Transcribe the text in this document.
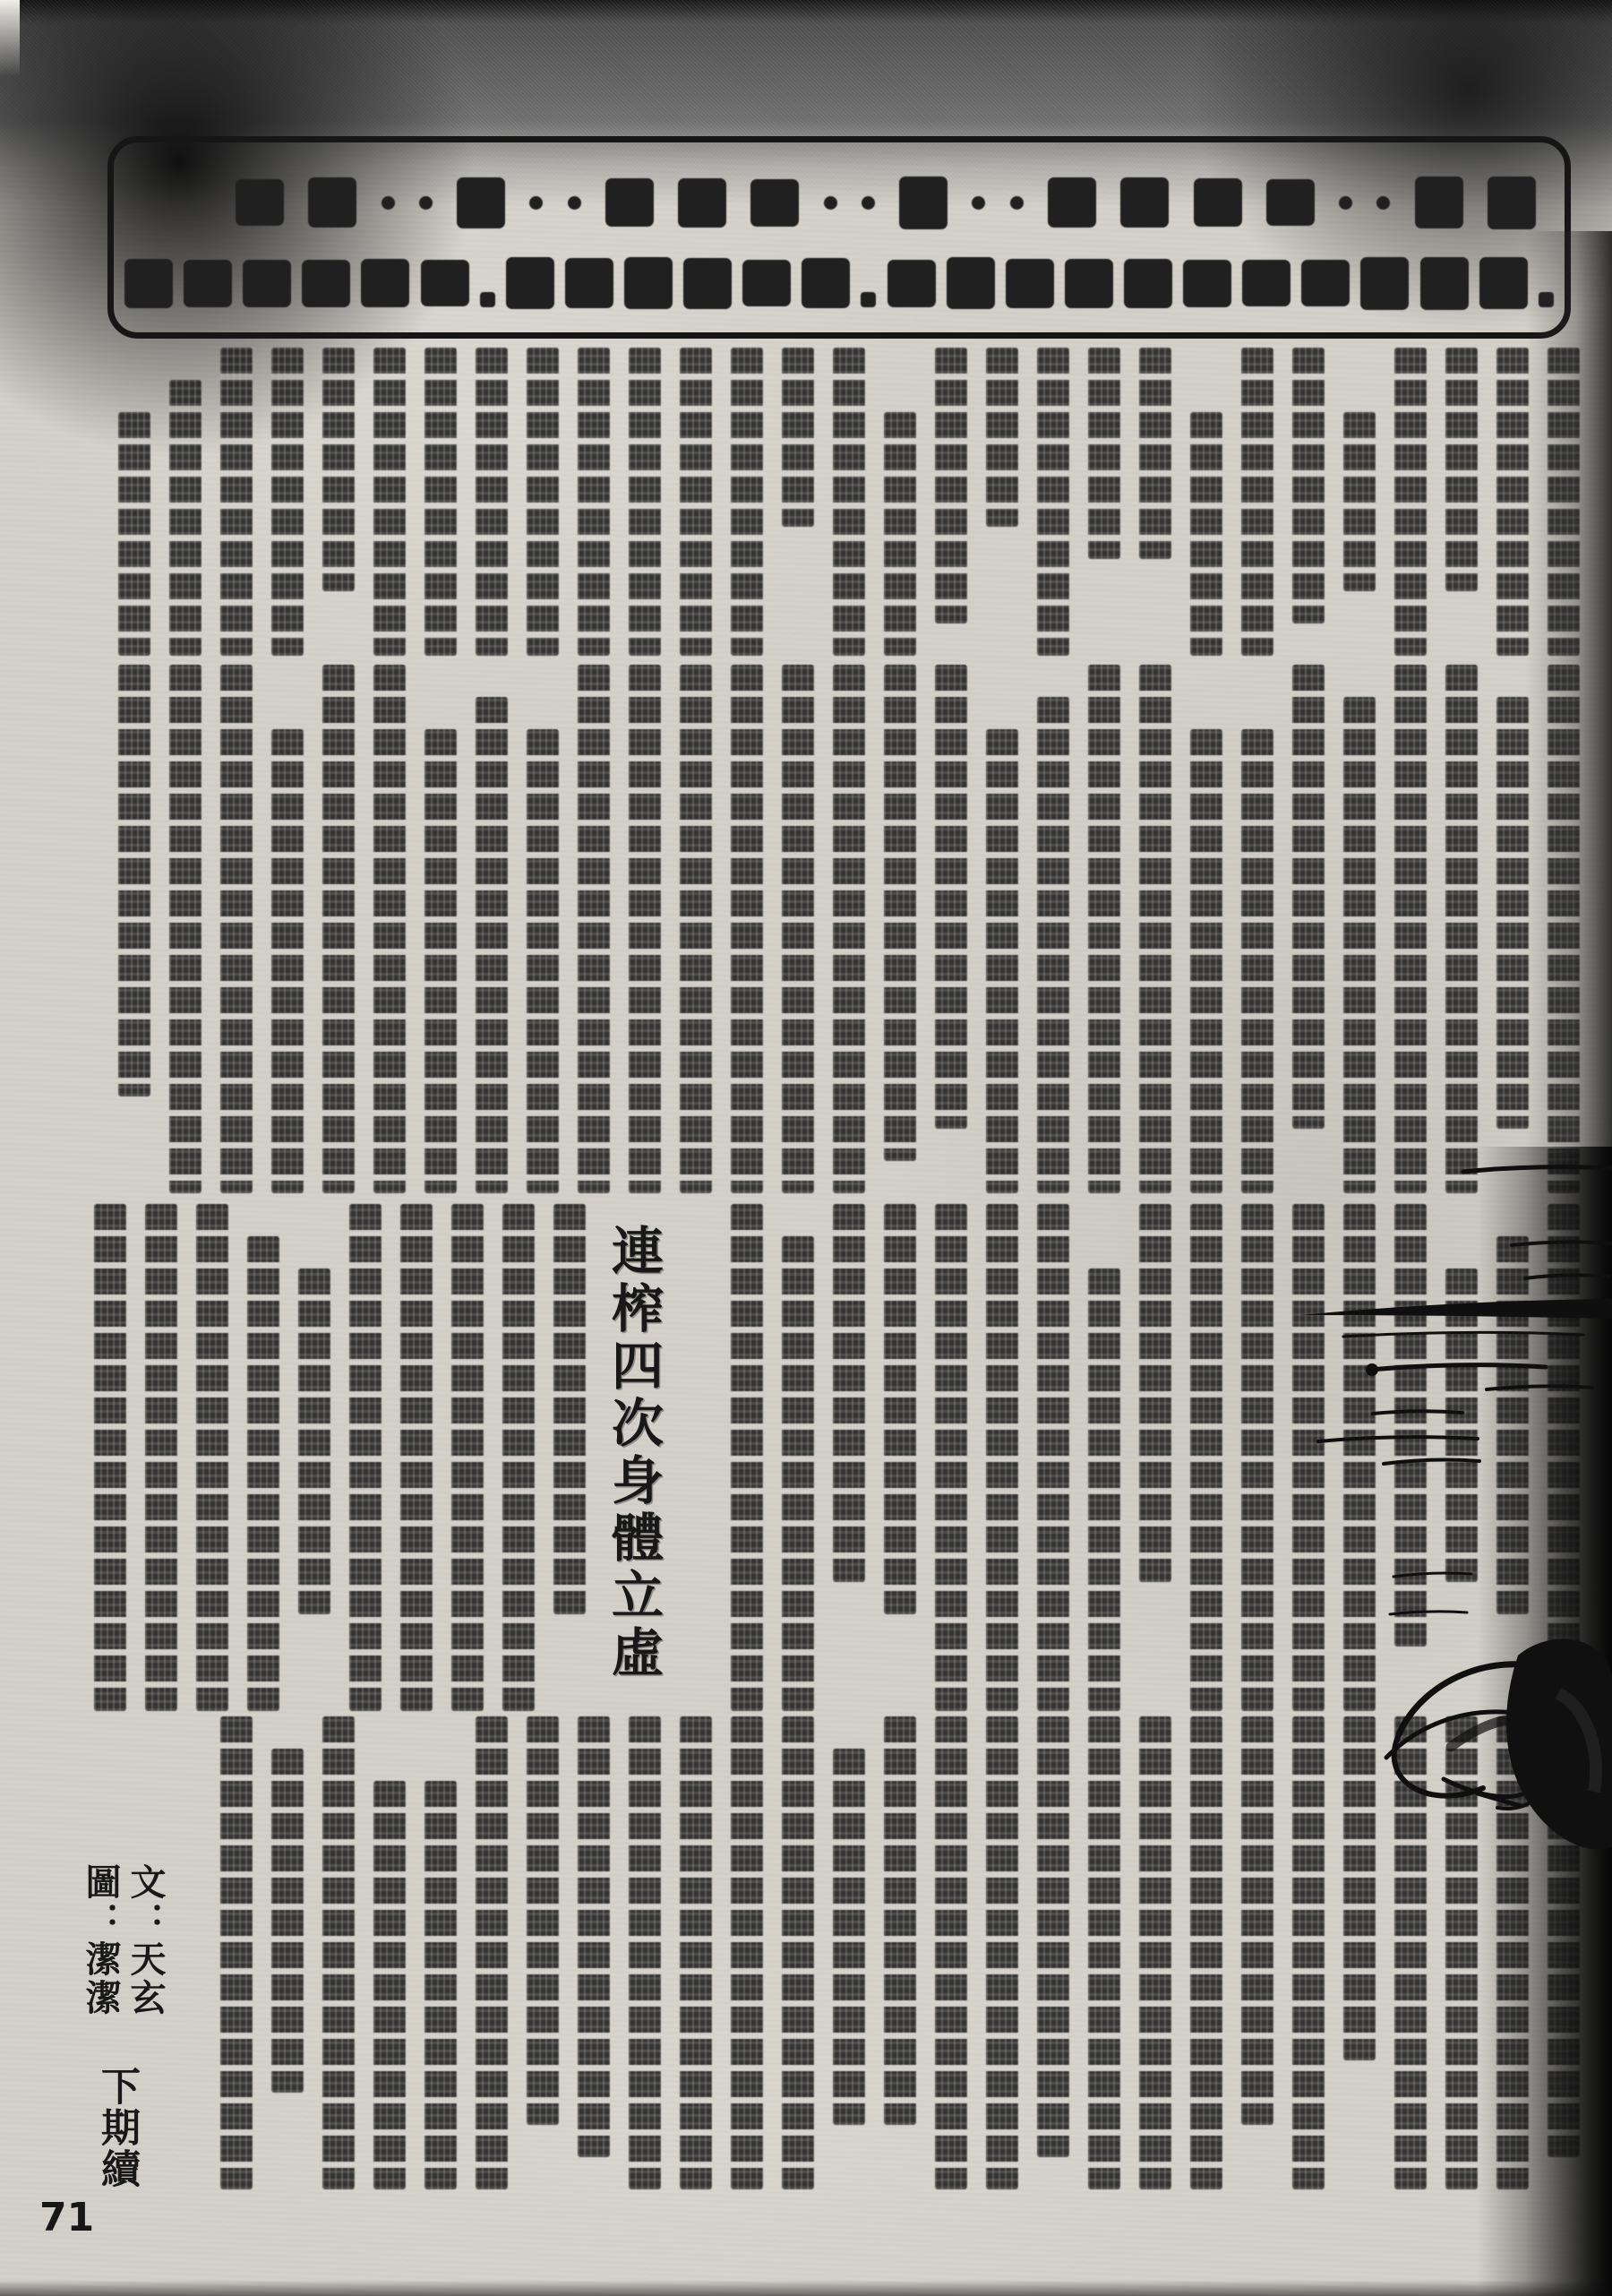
連榨四次身體立虛
文：天玄
圖：潔潔
下期續
71
